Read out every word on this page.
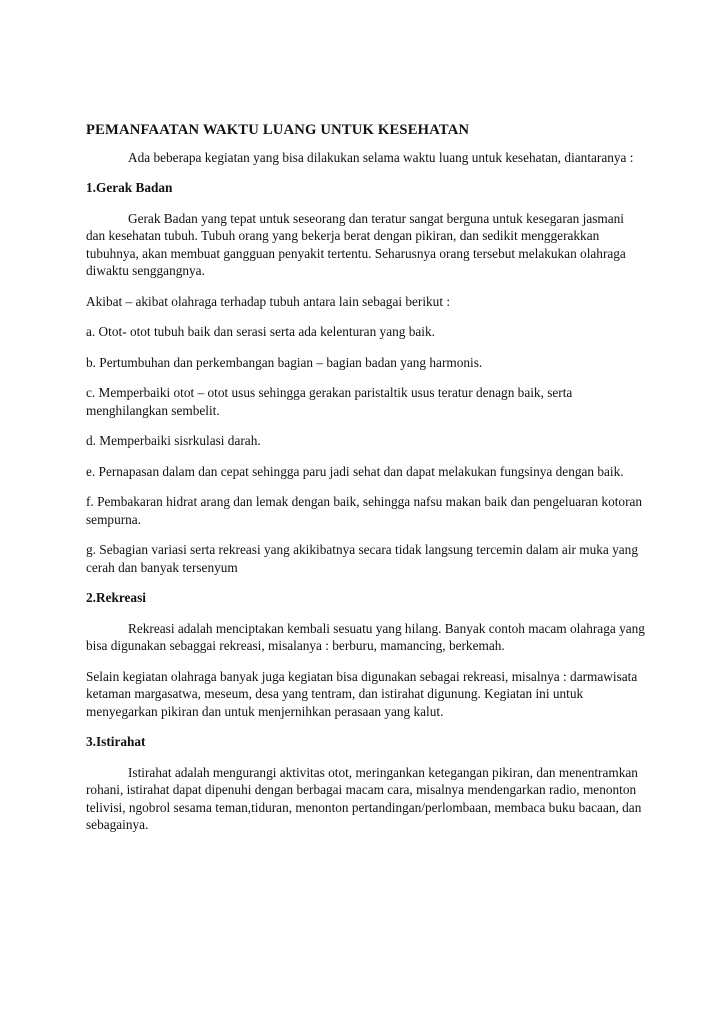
PEMANFAATAN WAKTU LUANG UNTUK KESEHATAN

Ada beberapa kegiatan yang bisa dilakukan selama waktu luang untuk kesehatan, diantaranya :

1.Gerak Badan

Gerak Badan yang tepat untuk seseorang dan teratur sangat berguna untuk kesegaran jasmani dan kesehatan tubuh. Tubuh orang yang bekerja berat dengan pikiran, dan sedikit menggerakkan tubuhnya, akan membuat gangguan penyakit tertentu. Seharusnya orang tersebut melakukan olahraga diwaktu senggangnya.

Akibat – akibat olahraga terhadap tubuh antara lain sebagai berikut :

a. Otot- otot tubuh baik dan serasi serta ada kelenturan yang baik.

b. Pertumbuhan dan perkembangan bagian – bagian badan yang harmonis.

c. Memperbaiki otot – otot usus sehingga gerakan paristaltik usus teratur denagn baik, serta menghilangkan sembelit.

d. Memperbaiki sisrkulasi darah.

e. Pernapasan dalam dan cepat sehingga paru jadi sehat dan dapat melakukan fungsinya dengan baik.

f. Pembakaran hidrat arang dan lemak dengan baik, sehingga nafsu makan baik dan pengeluaran kotoran sempurna.

g. Sebagian variasi serta rekreasi yang akikibatnya secara tidak langsung tercemin dalam air muka yang cerah dan banyak tersenyum

2.Rekreasi

Rekreasi adalah menciptakan kembali sesuatu yang hilang. Banyak contoh macam olahraga yang bisa digunakan sebaggai rekreasi, misalanya : berburu, mamancing, berkemah.

Selain kegiatan olahraga banyak juga kegiatan bisa digunakan sebagai rekreasi, misalnya : darmawisata ketaman margasatwa, meseum, desa yang tentram, dan istirahat digunung. Kegiatan ini untuk menyegarkan pikiran dan untuk menjernihkan perasaan yang kalut.

3.Istirahat

Istirahat adalah mengurangi aktivitas otot, meringankan ketegangan pikiran, dan menentramkan rohani, istirahat dapat dipenuhi dengan berbagai macam cara, misalnya mendengarkan radio, menonton telivisi, ngobrol sesama teman,tiduran, menonton pertandingan/perlombaan, membaca buku bacaan, dan sebagainya.
